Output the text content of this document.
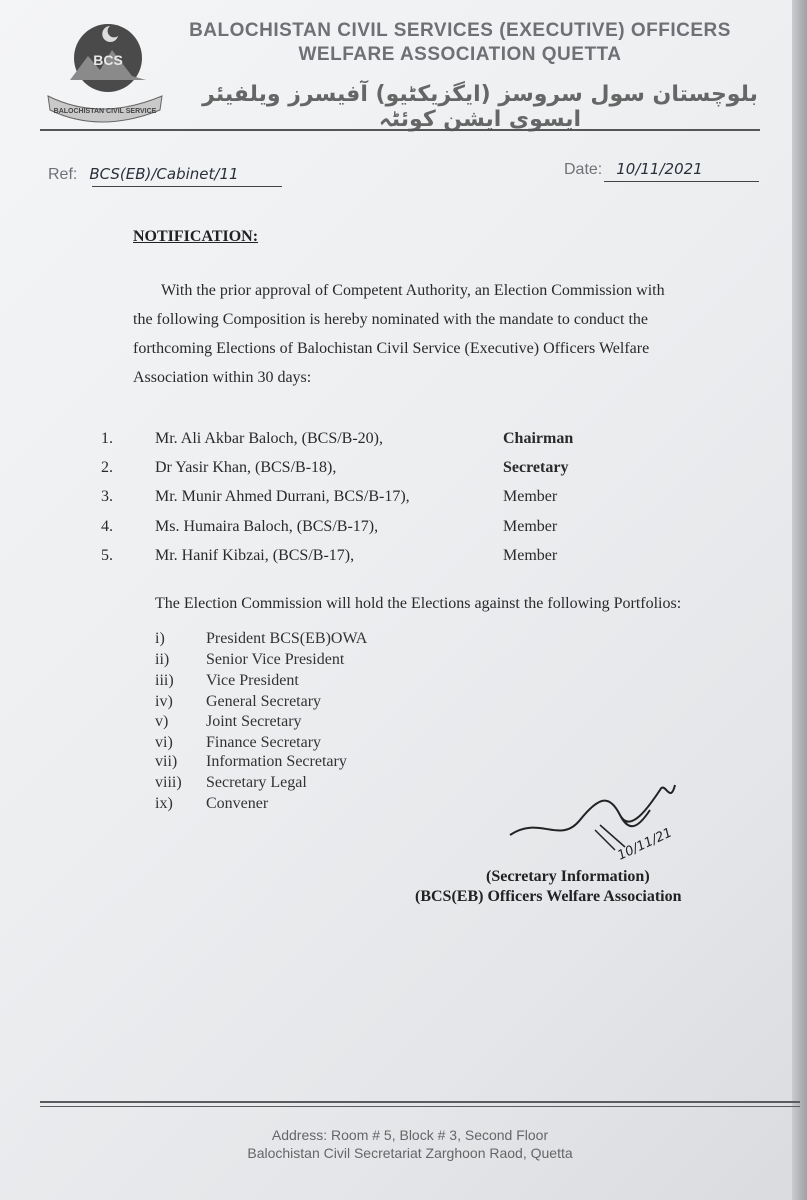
BCS
BALOCHISTAN CIVIL SERVICE
BALOCHISTAN CIVIL SERVICES (EXECUTIVE) OFFICERS
WELFARE ASSOCIATION QUETTA
بلوچستان سول سروسز (ایگزیکٹیو) آفیسرز ویلفیئر ایسوی ایشن کوئٹہ
Ref: BCS(EB)/Cabinet/11	Date: 10/11/2021
NOTIFICATION:
With the prior approval of Competent Authority, an Election Commission with
the following Composition is hereby nominated with the mandate to conduct the
forthcoming Elections of Balochistan Civil Service (Executive) Officers Welfare
Association within 30 days:
1.	Mr. Ali Akbar Baloch, (BCS/B-20),	Chairman
2.	Dr Yasir Khan, (BCS/B-18),	Secretary
3.	Mr. Munir Ahmed Durrani, BCS/B-17),	Member
4.	Ms. Humaira Baloch, (BCS/B-17),	Member
5.	Mr. Hanif Kibzai, (BCS/B-17),	Member
The Election Commission will hold the Elections against the following Portfolios:
i)	President BCS(EB)OWA
ii) Senior Vice President
iii) Vice President
iv) General Secretary
v) Joint Secretary
vi) Finance Secretary
vii) Information Secretary
viii) Secretary Legal
ix) Convener
10/11/21
(Secretary Information)
(BCS(EB) Officers Welfare Association
Address: Room # 5, Block # 3, Second Floor
Balochistan Civil Secretariat Zarghoon Raod, Quetta
